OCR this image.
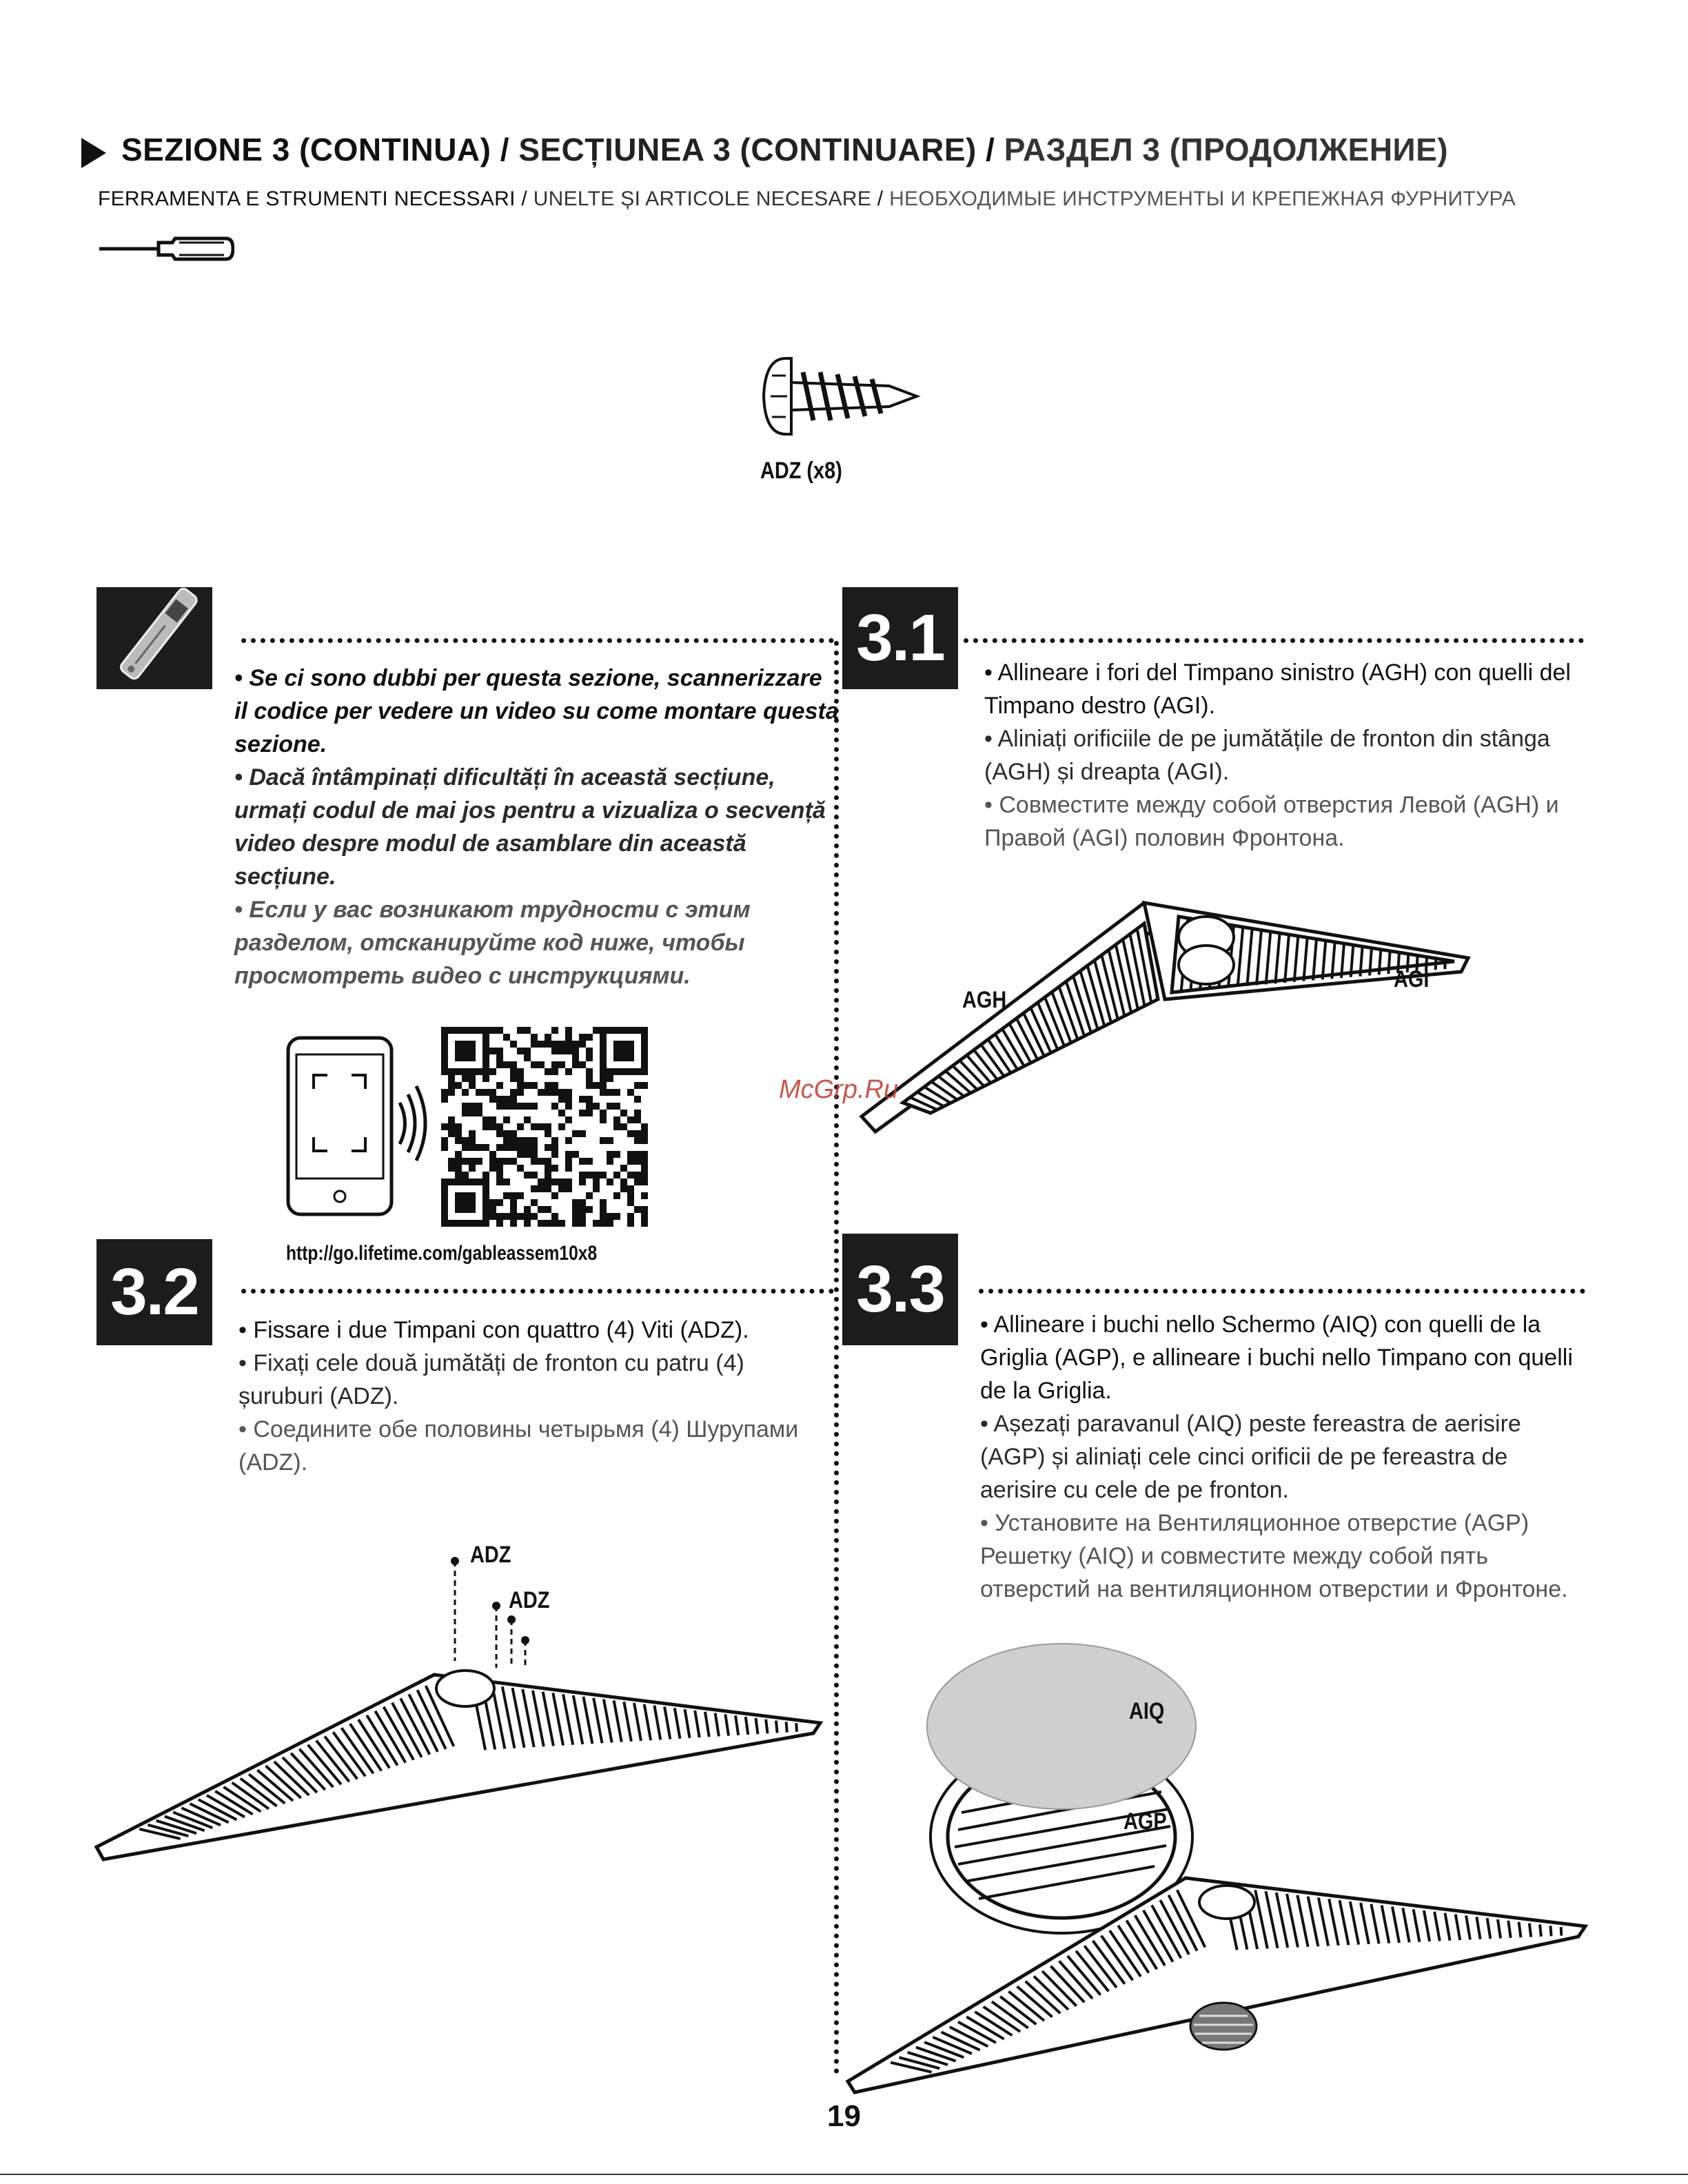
SEZIONE 3 (CONTINUA) / SECȚIUNEA 3 (CONTINUARE) / РАЗДЕЛ 3 (ПРОДОЛЖЕНИЕ)
FERRAMENTA E STRUMENTI NECESSARI / UNELTE ȘI ARTICOLE NECESARE / НЕОБХОДИМЫЕ ИНСТРУМЕНТЫ И КРЕПЕЖНАЯ ФУРНИТУРА
ADZ (x8)

• Se ci sono dubbi per questa sezione, scannerizzare il codice per vedere un video su come montare questa sezione.

• Dacă întâmpinați dificultăți în această secțiune, urmați codul de mai jos pentru a vizualiza o secvență video despre modul de asamblare din această secțiune.

• Если у вас возникают трудности с этим разделом, отсканируйте код ниже, чтобы просмотреть видео с инструкциями.

http://go.lifetime.com/gableassem10x8
3.1	• Allineare i fori del Timpano sinistro (AGH) con quelli del Timpano destro (AGI).

• Aliniați orificiile de pe jumătățile de fronton din stânga (AGH) și dreapta (AGI).

• Совместите между собой отверстия Левой (AGH) и Правой (AGI) половин Фронтона.

AGH
AGI
McGrp.Ru
3.2

• Fissare i due Timpani con quattro (4) Viti (ADZ).

• Fixați cele două jumătăți de fronton cu patru (4) șuruburi (ADZ).

• Соедините обе половины четырьмя (4) Шурупами (ADZ).

ADZ
ADZ
3.3	• Allineare i buchi nello Schermo (AIQ) con quelli de la Griglia (AGP), e allineare i buchi nello Timpano con quelli de la Griglia.

• Așezați paravanul (AIQ) peste fereastra de aerisire (AGP) și aliniați cele cinci orificii de pe fereastra de aerisire cu cele de pe fronton.

• Установите на Вентиляционное отверстие (AGP) Решетку (AIQ) и совместите между собой пять отверстий на вентиляционном отверстии и Фронтоне.

AIQ
AGP
19
